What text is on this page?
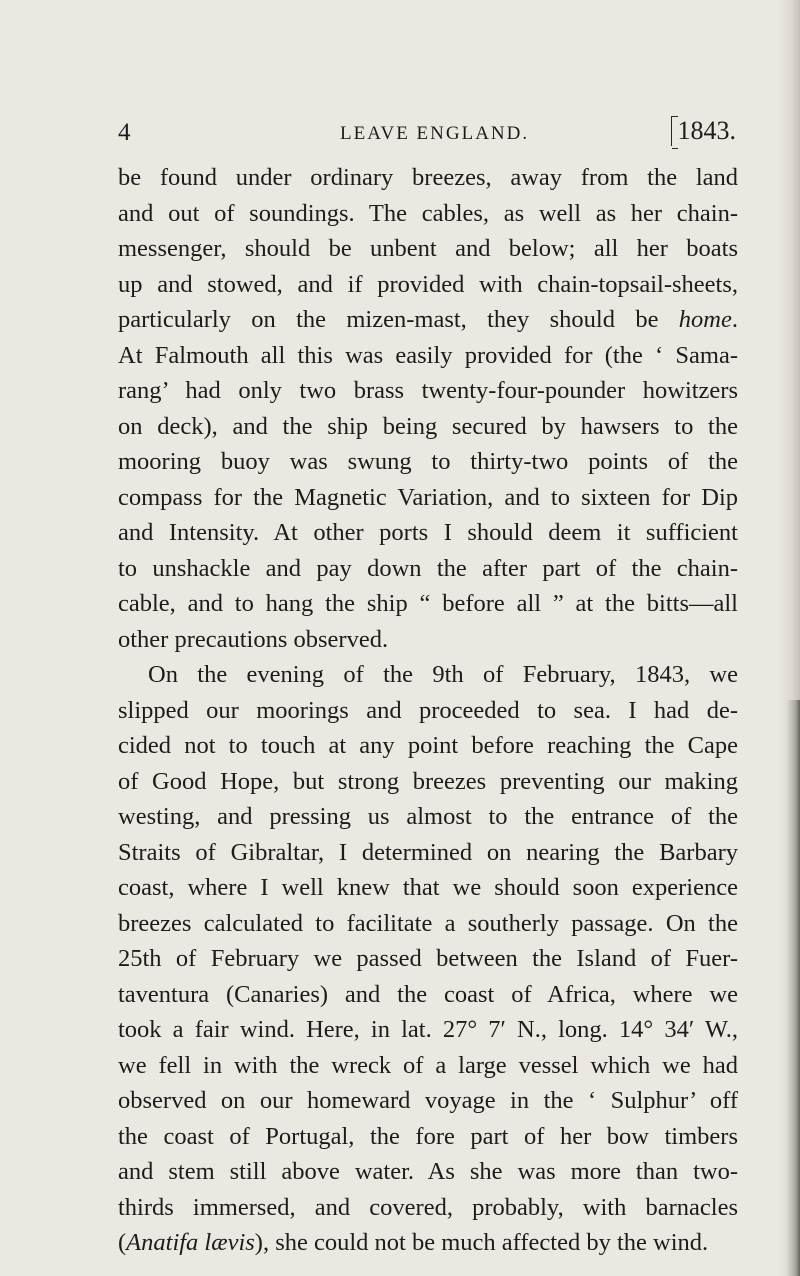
4	LEAVE ENGLAND.	1843.
be found under ordinary breezes, away from the land
and out of soundings. The cables, as well as her chain-
messenger, should be unbent and below; all her boats
up and stowed, and if provided with chain-topsail-sheets,
particularly on the mizen-mast, they should be home.
At Falmouth all this was easily provided for (the ‘ Sama-
rang’ had only two brass twenty-four-pounder howitzers
on deck), and the ship being secured by hawsers to the
mooring buoy was swung to thirty-two points of the
compass for the Magnetic Variation, and to sixteen for Dip
and Intensity. At other ports I should deem it sufficient
to unshackle and pay down the after part of the chain-
cable, and to hang the ship “ before all ” at the bitts—all
other precautions observed.
On the evening of the 9th of February, 1843, we
slipped our moorings and proceeded to sea. I had de-
cided not to touch at any point before reaching the Cape
of Good Hope, but strong breezes preventing our making
westing, and pressing us almost to the entrance of the
Straits of Gibraltar, I determined on nearing the Barbary
coast, where I well knew that we should soon experience
breezes calculated to facilitate a southerly passage. On the
25th of February we passed between the Island of Fuer-
taventura (Canaries) and the coast of Africa, where we
took a fair wind. Here, in lat. 27° 7′ N., long. 14° 34′ W.,
we fell in with the wreck of a large vessel which we had
observed on our homeward voyage in the ‘ Sulphur’ off
the coast of Portugal, the fore part of her bow timbers
and stem still above water. As she was more than two-
thirds immersed, and covered, probably, with barnacles
(Anatifa lævis), she could not be much affected by the wind.
